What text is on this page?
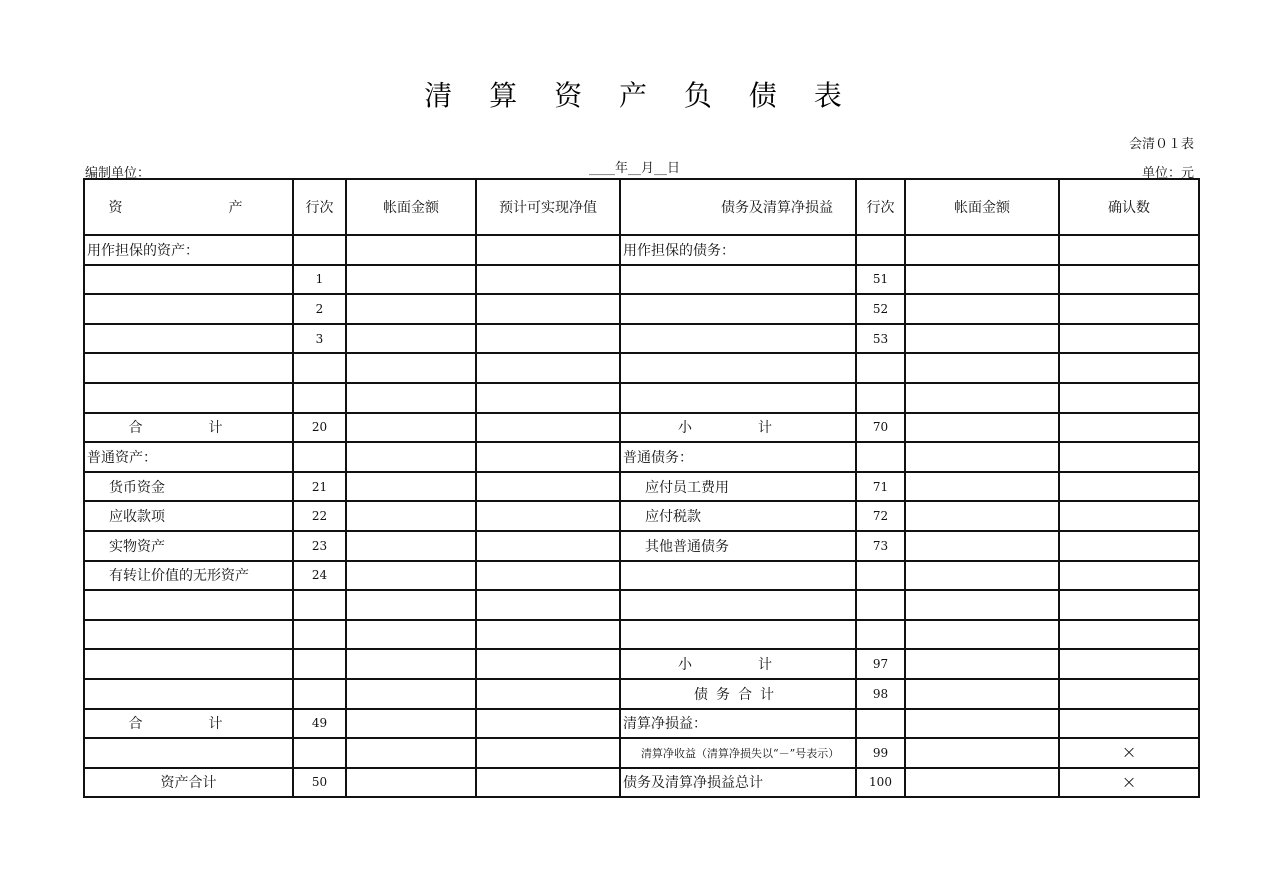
清 算 资 产 负 债 表
会清０１表
编制单位：	____年__月__日	单位：元
资　　产	行次	帐面金额	预计可实现净值	债务及清算净损益	行次	帐面金额	确认数
用作担保的资产：				用作担保的债务：			
	1				51		
	2				52		
	3				53		

合　计	20			小　计	70		
普通资产：				普通债务：			
货币资金	21			应付员工费用	71		
应收款项	22			应付税款	72		
实物资产	23			其他普通债务	73		
有转让价值的无形资产	24						

				小　计	97		
				债务合计	98		
合　计	49			清算净损益：			
				清算净收益（清算净损失以“－”号表示）	99		×
资产合计	50			债务及清算净损益总计	100		×
